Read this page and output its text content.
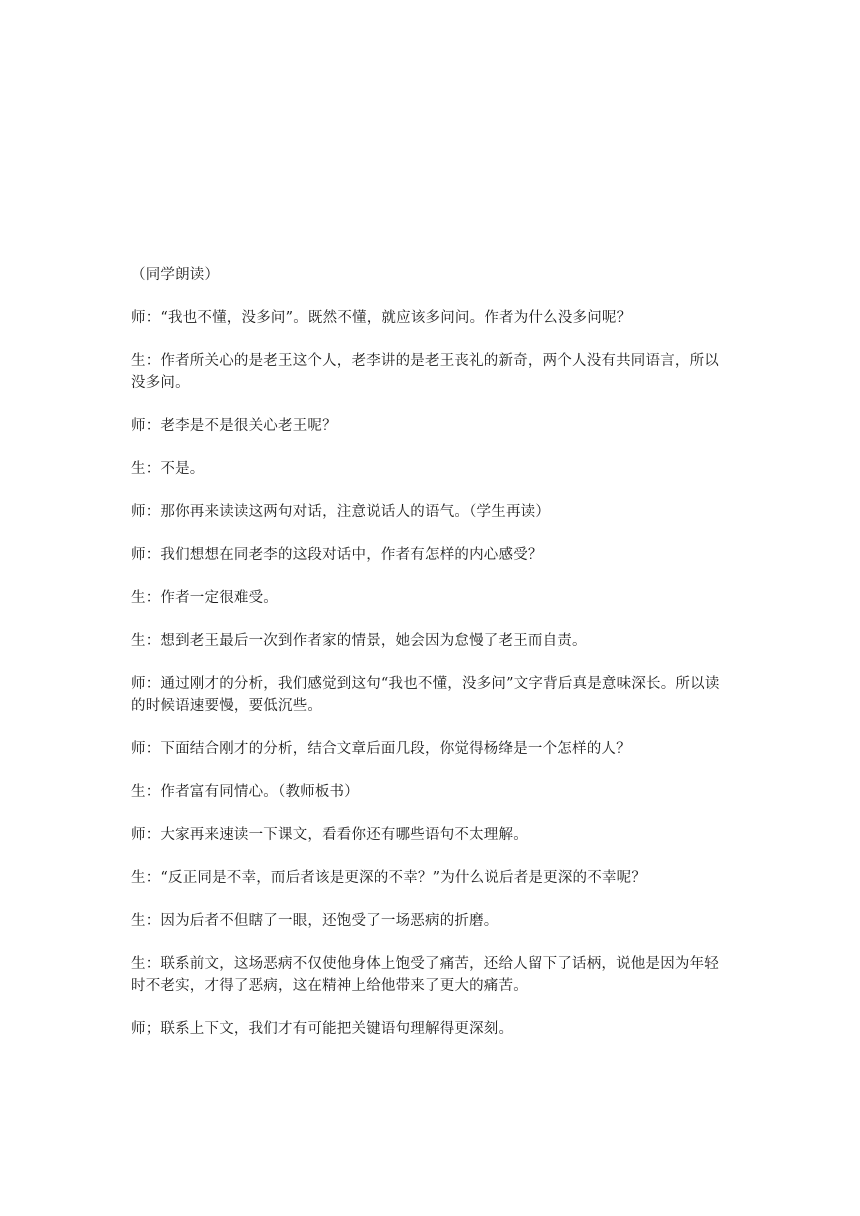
（同学朗读）

师：“我也不懂，没多问”。既然不懂，就应该多问问。作者为什么没多问呢？

生：作者所关心的是老王这个人，老李讲的是老王丧礼的新奇，两个人没有共同语言，所以没多问。

师：老李是不是很关心老王呢？

生：不是。

师：那你再来读读这两句对话，注意说话人的语气。（学生再读）

师：我们想想在同老李的这段对话中，作者有怎样的内心感受？

生：作者一定很难受。

生：想到老王最后一次到作者家的情景，她会因为怠慢了老王而自责。

师：通过刚才的分析，我们感觉到这句“我也不懂，没多问”文字背后真是意味深长。所以读的时候语速要慢，要低沉些。

师：下面结合刚才的分析，结合文章后面几段，你觉得杨绛是一个怎样的人？

生：作者富有同情心。（教师板书）

师：大家再来速读一下课文，看看你还有哪些语句不太理解。

生：“反正同是不幸，而后者该是更深的不幸？”为什么说后者是更深的不幸呢？

生：因为后者不但瞎了一眼，还饱受了一场恶病的折磨。

生：联系前文，这场恶病不仅使他身体上饱受了痛苦，还给人留下了话柄，说他是因为年轻时不老实，才得了恶病，这在精神上给他带来了更大的痛苦。

师；联系上下文，我们才有可能把关键语句理解得更深刻。
